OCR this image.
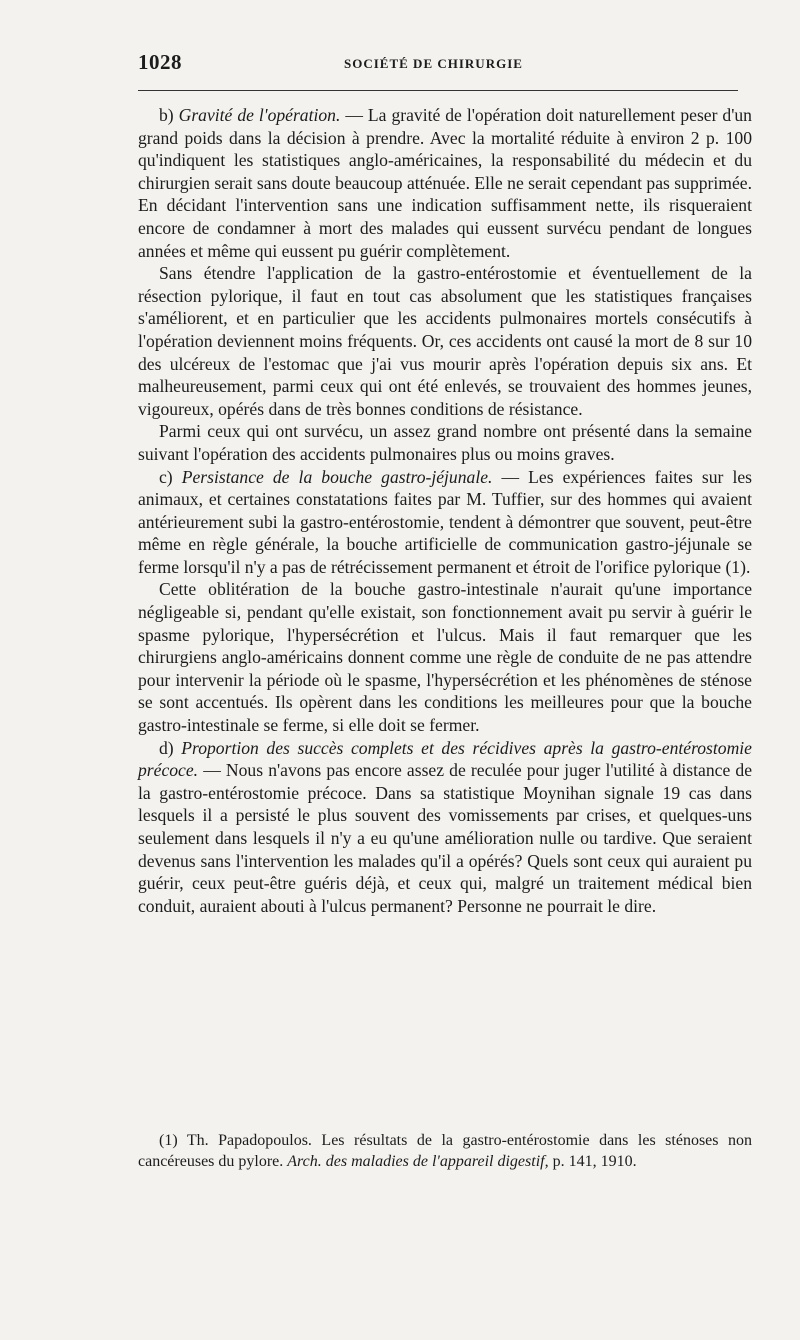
1028	SOCIÉTÉ DE CHIRURGIE

b) Gravité de l'opération. — La gravité de l'opération doit naturellement peser d'un grand poids dans la décision à prendre. Avec la mortalité réduite à environ 2 p. 100 qu'indiquent les statistiques anglo-américaines, la responsabilité du médecin et du chirurgien serait sans doute beaucoup atténuée. Elle ne serait cependant pas supprimée. En décidant l'intervention sans une indication suffisamment nette, ils risqueraient encore de condamner à mort des malades qui eussent survécu pendant de longues années et même qui eussent pu guérir complètement.

Sans étendre l'application de la gastro-entérostomie et éventuellement de la résection pylorique, il faut en tout cas absolument que les statistiques françaises s'améliorent, et en particulier que les accidents pulmonaires mortels consécutifs à l'opération deviennent moins fréquents. Or, ces accidents ont causé la mort de 8 sur 10 des ulcéreux de l'estomac que j'ai vus mourir après l'opération depuis six ans. Et malheureusement, parmi ceux qui ont été enlevés, se trouvaient des hommes jeunes, vigoureux, opérés dans de très bonnes conditions de résistance.

Parmi ceux qui ont survécu, un assez grand nombre ont présenté dans la semaine suivant l'opération des accidents pulmonaires plus ou moins graves.

c) Persistance de la bouche gastro-jéjunale. — Les expériences faites sur les animaux, et certaines constatations faites par M. Tuffier, sur des hommes qui avaient antérieurement subi la gastro-entérostomie, tendent à démontrer que souvent, peut-être même en règle générale, la bouche artificielle de communication gastro-jéjunale se ferme lorsqu'il n'y a pas de rétrécissement permanent et étroit de l'orifice pylorique (1).

Cette oblitération de la bouche gastro-intestinale n'aurait qu'une importance négligeable si, pendant qu'elle existait, son fonctionnement avait pu servir à guérir le spasme pylorique, l'hypersécrétion et l'ulcus. Mais il faut remarquer que les chirurgiens anglo-américains donnent comme une règle de conduite de ne pas attendre pour intervenir la période où le spasme, l'hypersécrétion et les phénomènes de sténose se sont accentués. Ils opèrent dans les conditions les meilleures pour que la bouche gastro-intestinale se ferme, si elle doit se fermer.

d) Proportion des succès complets et des récidives après la gastro-entérostomie précoce. — Nous n'avons pas encore assez de reculée pour juger l'utilité à distance de la gastro-entérostomie précoce. Dans sa statistique Moynihan signale 19 cas dans lesquels il a persisté le plus souvent des vomissements par crises, et quelques-uns seulement dans lesquels il n'y a eu qu'une amélioration nulle ou tardive. Que seraient devenus sans l'intervention les malades qu'il a opérés? Quels sont ceux qui auraient pu guérir, ceux peut-être guéris déjà, et ceux qui, malgré un traitement médical bien conduit, auraient abouti à l'ulcus permanent? Personne ne pourrait le dire.

(1) Th. Papadopoulos. Les résultats de la gastro-entérostomie dans les sténoses non cancéreuses du pylore. Arch. des maladies de l'appareil digestif, p. 141, 1910.
